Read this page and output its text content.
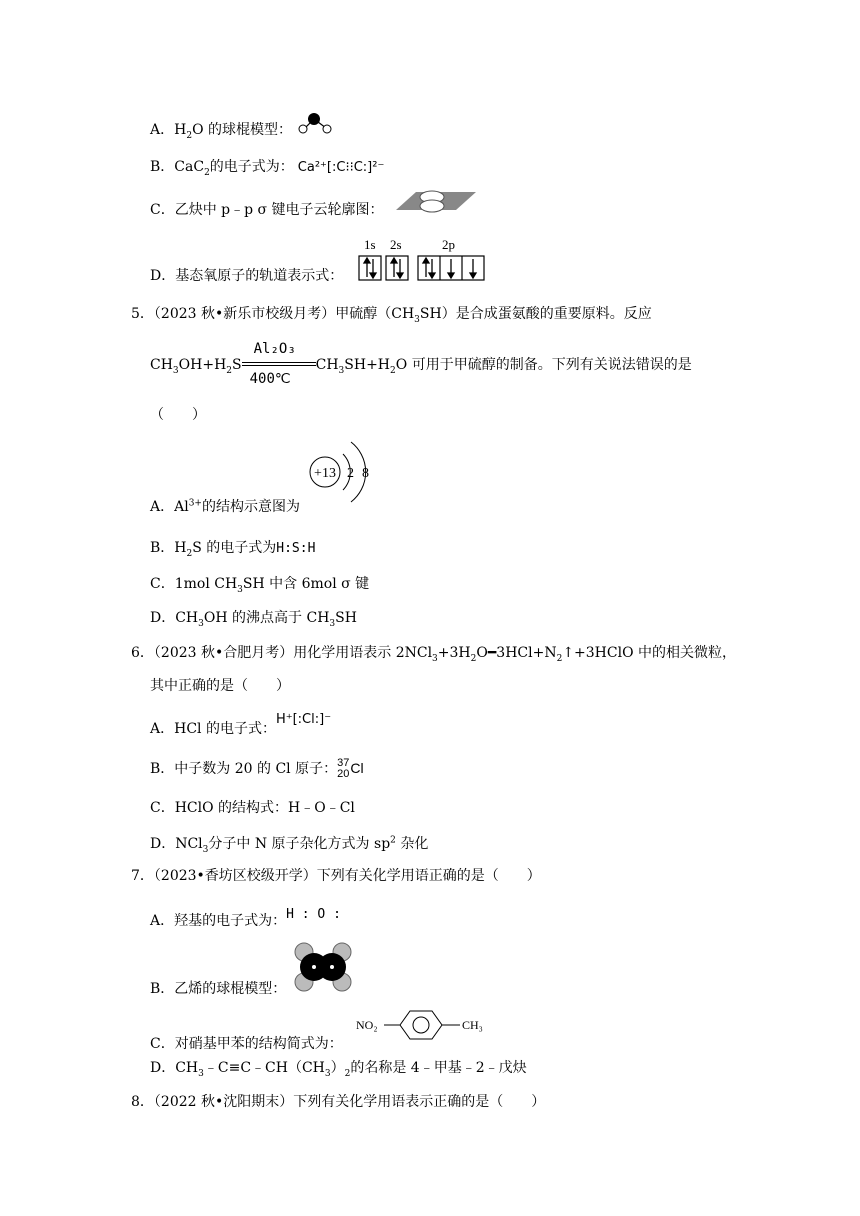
A．$H_2O$ 的球棍模型：
B．CaC$_2$的电子式为： Ca²⁺[:C⁝⁝C:]²⁻
C．乙炔中 p﹣p σ 键电子云轮廓图：
1s 2s	2p
D．基态氧原子的轨道表示式：
5．（2023 秋•新乐市校级月考）甲硫醇$(CH_3SH)$是合成蛋氨酸的重要原料。反应
$CH_3OH+H_2S \frac{\text{Al₂O₃}}{400℃} CH_3SH+H_2O$ 可用于甲硫醇的制备。下列有关说法错误的是
（　　）
+13 2 8
A．$Al^{3+}$的结构示意图为
B．$H_2S$ 的电子式为H:S:H
C．1mol $CH_3SH$ 中含 6mol σ 键
D．$CH_3OH$ 的沸点高于 $CH_3SH$
6．（2023 秋•合肥月考）用化学用语表示 $2NCl_3+3H_2O━3HCl+N_2↑+3HClO$ 中的相关微粒，
其中正确的是（　　）
A．HCl 的电子式：H⁺[:Cl:]⁻
B．中子数为 20 的 Cl 原子： 37
20 Cl
C．HClO 的结构式：H﹣O﹣Cl
D．NCl$_3$分子中 N 原子杂化方式为 $sp^2$ 杂化
7．（2023•香坊区校级开学）下列有关化学用语正确的是（　　）
A．羟基的电子式为：H : O :
B．乙烯的球棍模型：
C．对硝基甲苯的结构简式为：
NO₂	CH₃
D．$CH_3﹣C\equiv C﹣CH(CH_3)_2$的名称是 4﹣甲基﹣2﹣戊炔
8．（2022 秋•沈阳期末）下列有关化学用语表示正确的是（　　）
